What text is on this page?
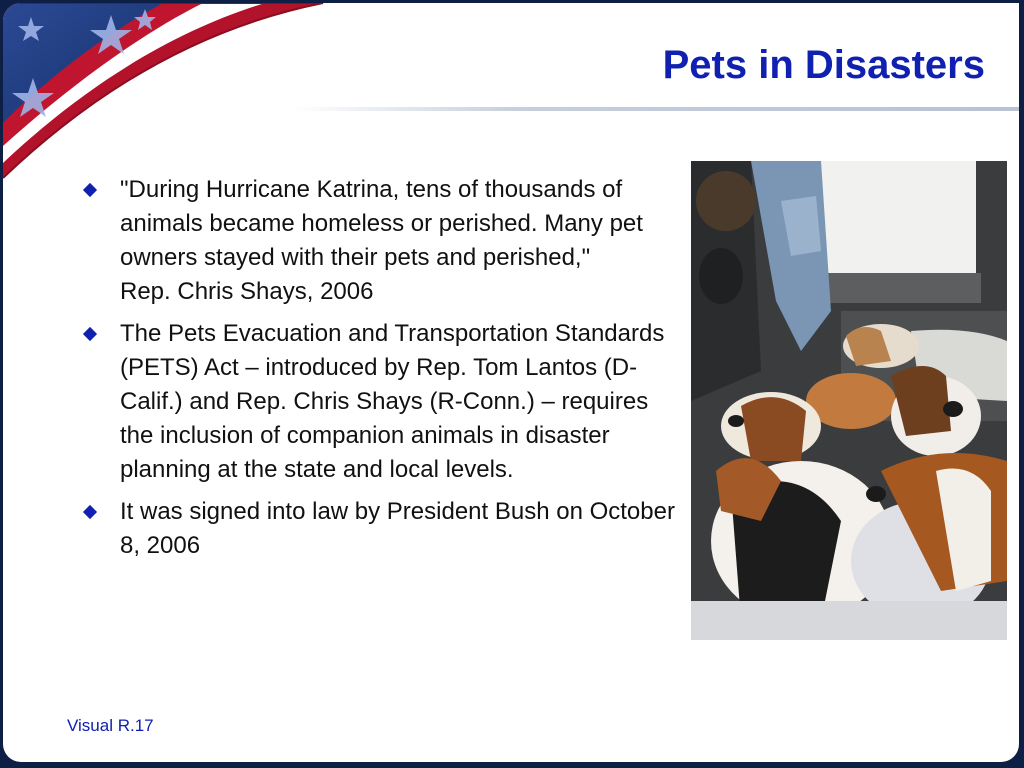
Pets in Disasters
"During Hurricane Katrina, tens of thousands of animals became homeless or perished. Many pet owners stayed with their pets and perished,"
Rep. Chris Shays, 2006
The Pets Evacuation and Transportation Standards (PETS) Act – introduced by Rep. Tom Lantos (D-Calif.) and Rep. Chris Shays (R-Conn.) – requires the inclusion of companion animals in disaster planning at the state and local levels.
It was signed into law by President Bush on October 8, 2006
Visual R.17
